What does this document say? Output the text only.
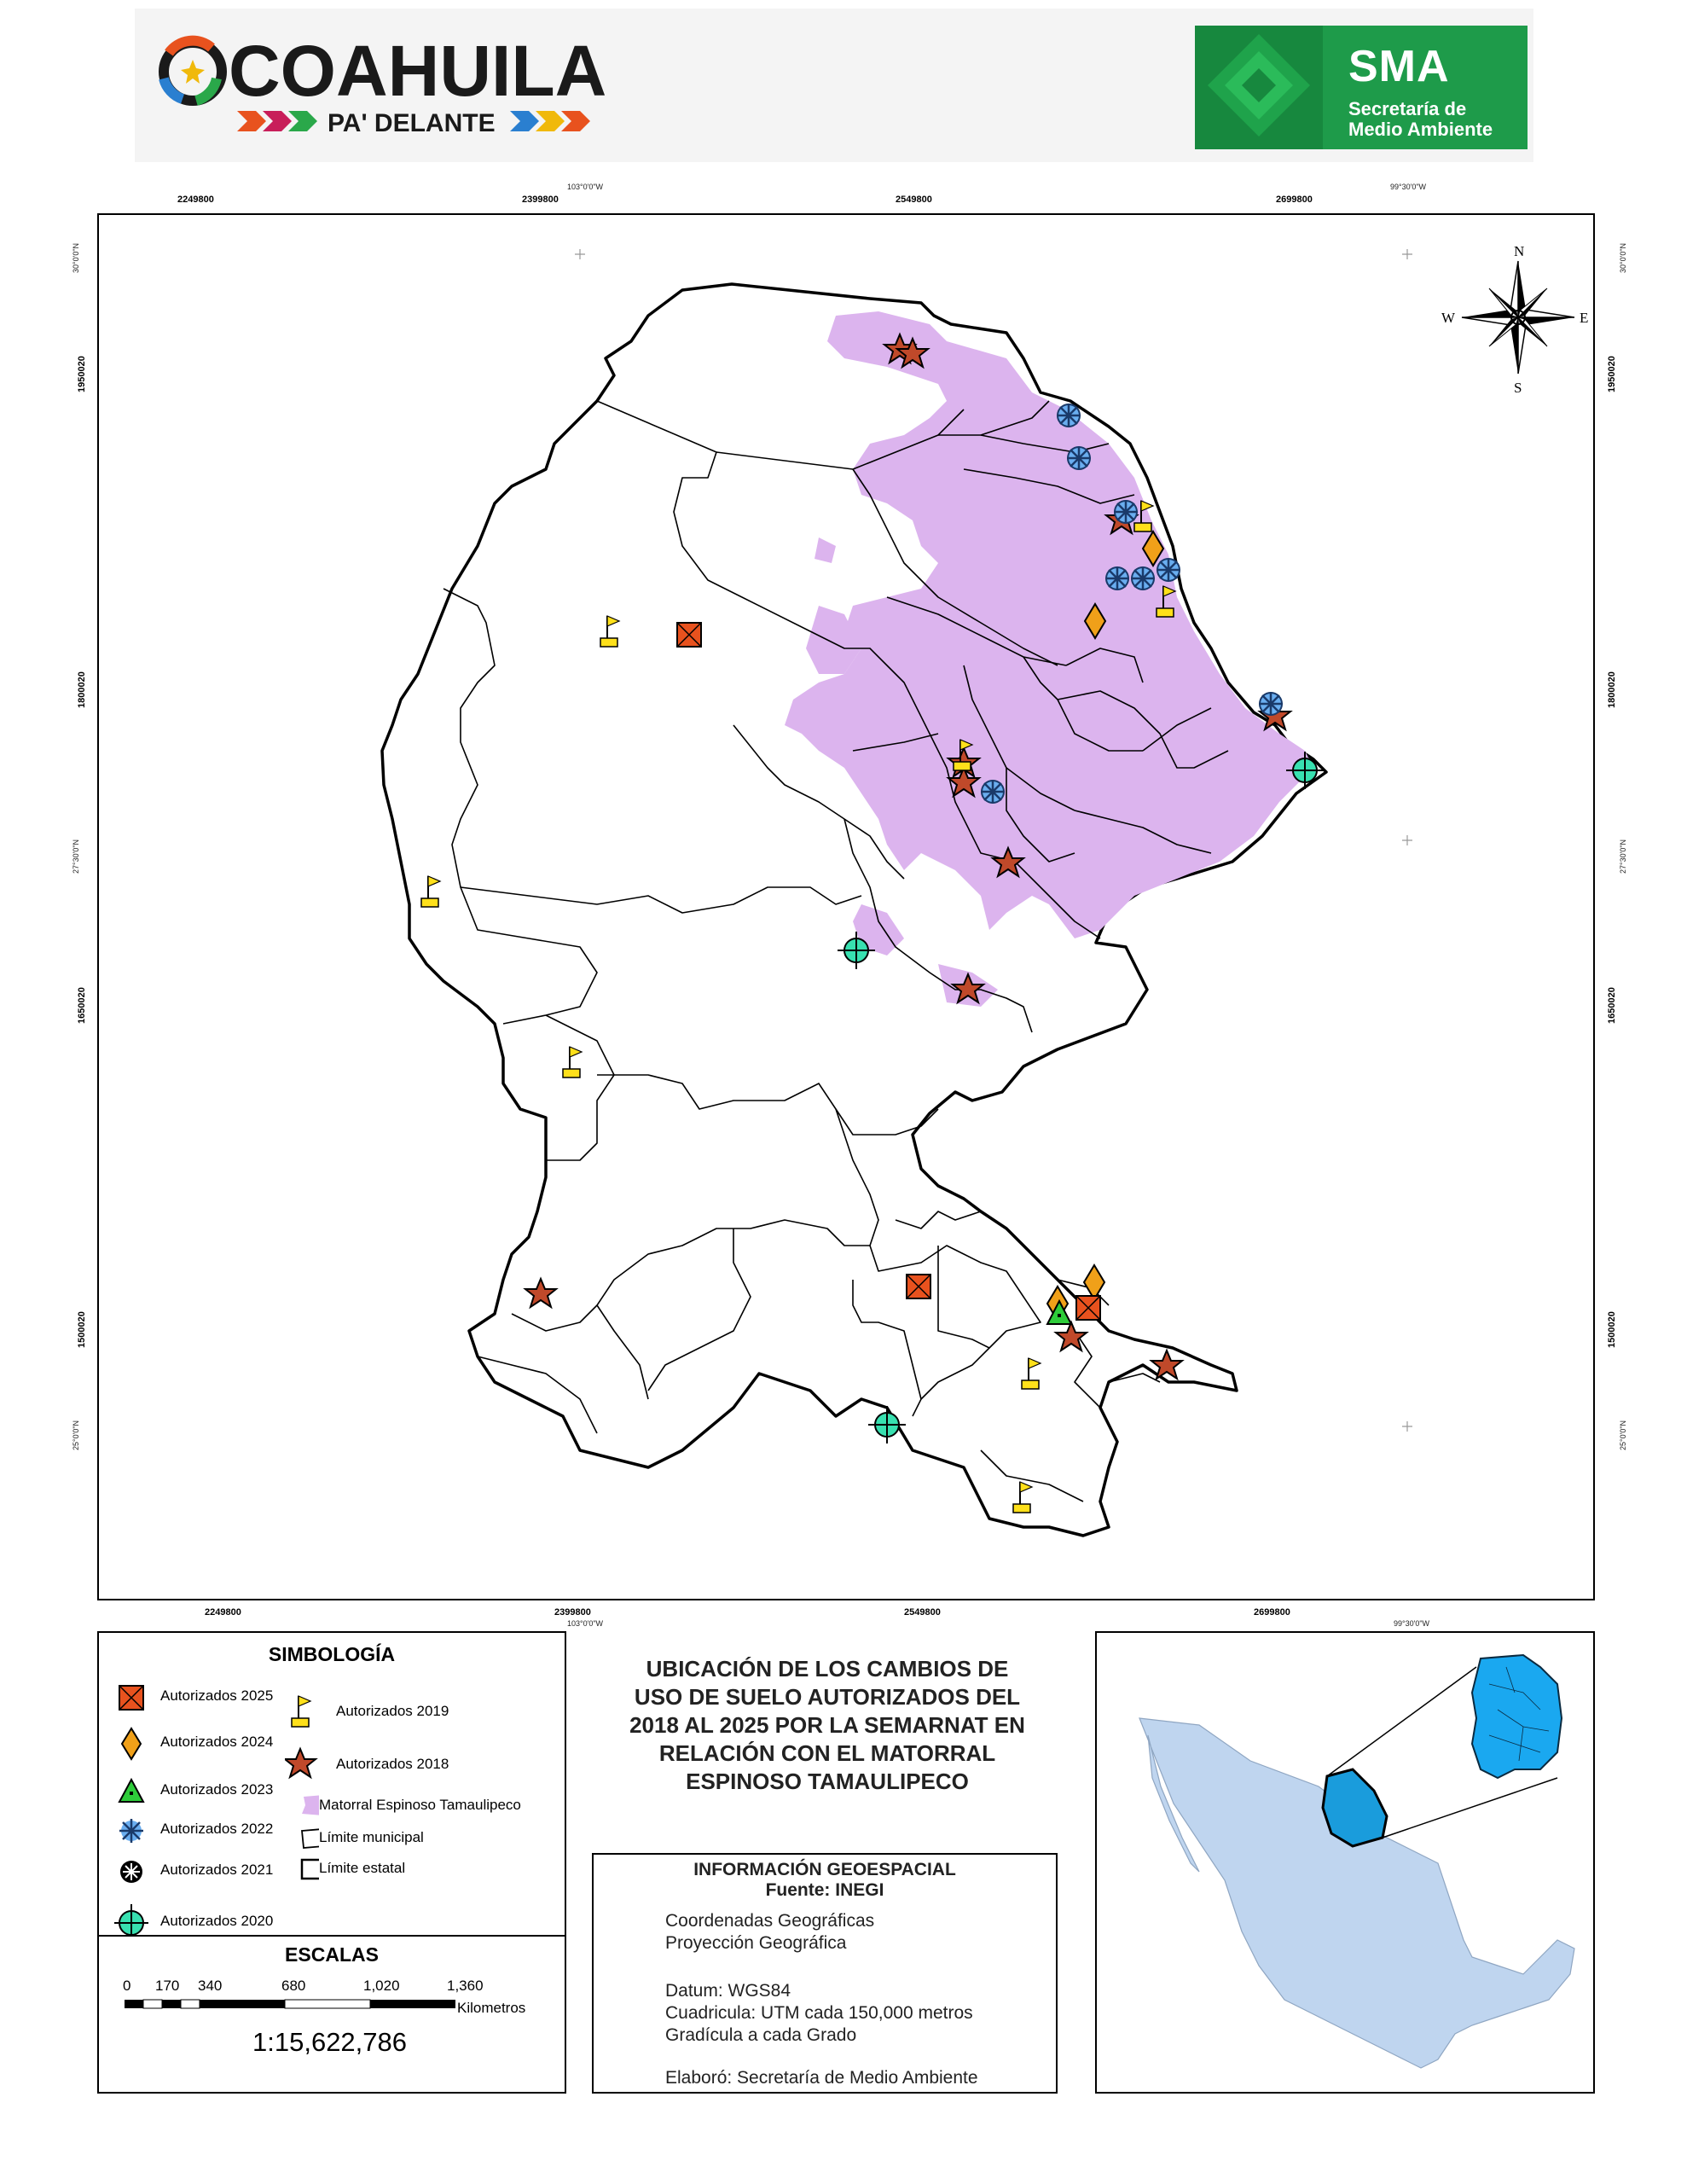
COAHUILA
PA' DELANTE
SMA
Secretaría de
Medio Ambiente
2249800	2399800	2549800	2699800
103°0'0"W	99°30'0"W
2249800	2399800	2549800	2699800
103°0'0"W	99°30'0"W
1950020
1800020
1650020
1500020
30°0'0"N
27°30'0"N
25°0'0"N
1950020
1800020
1650020
1500020
30°0'0"N
27°30'0"N
25°0'0"N
N
S
E
W
SIMBOLOGÍA
Autorizados 2025
Autorizados 2024
Autorizados 2023
Autorizados 2022
Autorizados 2021
Autorizados 2020
Autorizados 2019
Autorizados 2018
Matorral Espinoso Tamaulipeco
Límite municipal
Límite estatal
ESCALAS
0 170 340	680	1,020	1,360
Kilometros
1:15,622,786
UBICACIÓN DE LOS CAMBIOS DE
USO DE SUELO AUTORIZADOS DEL
2018 AL 2025 POR LA SEMARNAT EN
RELACIÓN CON EL MATORRAL
ESPINOSO TAMAULIPECO
INFORMACIÓN GEOESPACIAL
Fuente: INEGI
Coordenadas Geográficas
Proyección Geográfica
Datum: WGS84
Cuadricula: UTM cada 150,000 metros
Gradícula a cada Grado
Elaboró: Secretaría de Medio Ambiente
